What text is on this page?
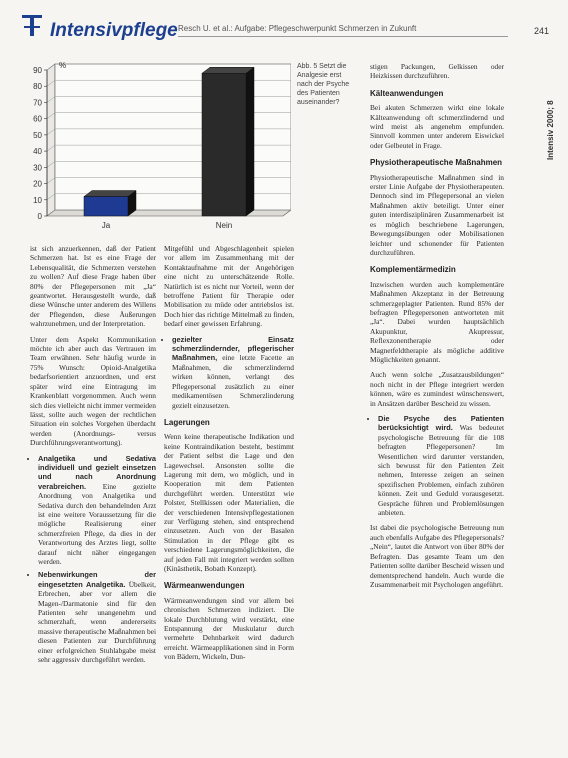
Intensivpflege Resch U. et al.: Aufgabe: Pflegeschwerpunkt Schmerzen in Zukunft	241
Intensiv 2000; 8
0
10
20
30
40
50
60
70
80
90
%
Ja	Nein
Abb. 5 Setzt die Analgesie erst nach der Psyche des Patienten auseinander?

ist sich anzuerkennen, daß der Patient Schmerzen hat. Ist es eine Frage der Lebensqualität, die Schmerzen verstehen zu wollen? Auf diese Frage haben über 80% der Pflegepersonen mit „Ja“ geantwortet. Herausgestellt wurde, daß diese Wünsche unter anderem des Willens der Pflegenden, diese Äußerungen wahrzunehmen, und der Interpretation.

Unter dem Aspekt Kommunikation möchte ich aber auch das Vertrauen im Team erwähnen. Sehr häufig wurde in 75% Wunsch: Opioid-Analgetika bedarfsorientiert anzuordnen, und erst später wird eine Eintragung im Krankenblatt vorgenommen. Auch wenn sich dies vielleicht nicht immer vermeiden lässt, sollte auch wegen der rechtlichen Situation ein solches Vorgehen überdacht werden (Anordnungs- versus Durchführungsverantwortung).

• Analgetika und Sedativa individuell und gezielt einsetzen und nach Anordnung verabreichen. Eine gezielte Anordnung von Analgetika und Sedativa durch den behandelnden Arzt ist eine weitere Voraussetzung für die mögliche Realisierung einer schmerzfreien Pflege, da dies in der Verantwortung des Arztes liegt, sollte darauf nicht näher eingegangen werden.
• Nebenwirkungen der eingesetzten Analgetika. Übelkeit, Erbrechen, aber vor allem die Magen-/Darmatonie sind für den Patienten sehr unangenehm und schmerzhaft, wenn andererseits massive therapeutische Maßnahmen bei diesen Patienten zur Durchführung einer erfolgreichen Stuhlabgabe meist sehr aggressiv durchgeführt werden.

Mitgefühl und Abgeschlagenheit spielen vor allem im Zusammenhang mit der Kontaktaufnahme mit der Angehörigen eine nicht zu unterschätzende Rolle. Natürlich ist es nicht nur Vorteil, wenn der betroffene Patient für Therapie oder Mobilisation zu müde oder antriebslos ist. Doch hier das richtige Mittelmaß zu finden, bedarf einer gewissen Erfahrung.

• gezielter Einsatz schmerzlindernder, pflegerischer Maßnahmen, eine letzte Facette an Maßnahmen, die schmerzlindernd wirken können, verlangt des Pflegepersonal zusätzlich zu einer medikamentösen Schmerzlinderung gezielt einzusetzen.
Lagerungen

Wenn keine therapeutische Indikation und keine Kontraindikation besteht, bestimmt der Patient selbst die Lage und den Lagewechsel. Ansonsten sollte die Lagerung mit dem, wo möglich, und in Kooperation mit dem Patienten durchgeführt werden. Unterstützt wie Polster, Stellkissen oder Materialien, die der verschiedenen Intensivpflegestationen zur Verfügung stehen, sind entsprechend einzusetzen. Auch von der Basalen Stimulation in der Pflege gibt es verschiedene Lagerungsmöglichkeiten, die auf jeden Fall mit integriert werden sollten (Kinästhetik, Bobath Konzept).

Wärmeanwendungen

Wärmeanwendungen sind vor allem bei chronischen Schmerzen indiziert. Die lokale Durchblutung wird verstärkt, eine Entspannung der Muskulatur durch vermehrte Dehnbarkeit wird dadurch erreicht. Wärmeapplikationen sind in Form von Bädern, Wickeln, Dun-

stigen Packungen, Gelkissen oder Heizkissen durchzuführen.

Kälteanwendungen

Bei akuten Schmerzen wirkt eine lokale Kälteanwendung oft schmerzlindernd und wird meist als angenehm empfunden. Sinnvoll kommen unter anderem Eiswickel oder Gelbeutel in Frage.

Physiotherapeutische Maßnahmen

Physiotherapeutische Maßnahmen sind in erster Linie Aufgabe der Physiotherapeuten. Dennoch sind im Pflegepersonal an vielen Maßnahmen aktiv beteiligt. Unter einer guten interdisziplinären Zusammenarbeit ist es möglich beschriebene Lagerungen, Bewegungsübungen oder Mobilisationen leichter und schonender für Patienten durchzuführen.

Komplementärmedizin

Inzwischen wurden auch komplementäre Maßnahmen Akzeptanz in der Betreuung schmerzgeplagter Patienten. Rund 85% der befragten Pflegepersonen antworteten mit „Ja“. Dabei wurden hauptsächlich Akupunktur, Akupressur, Reflexzonentherapie oder Magnetfeldtherapie als mögliche additive Möglichkeiten genannt.

Auch wenn solche „Zusatzausbildungen“ noch nicht in der Pflege integriert werden können, wäre es zumindest wünschenswert, in Ansätzen darüber Bescheid zu wissen.

• Die Psyche des Patienten berücksichtigt wird. Was bedeutet psychologische Betreuung für die 108 befragten Pflegepersonen? Im Wesentlichen wird darunter verstanden, sich bewusst für den Patienten Zeit nehmen, Interesse zeigen an seinen spezifischen Problemen, einfach zuhören können. Zeit und Geduld vorausgesetzt. Gespräche führen und Problemlösungen anbieten.

Ist dabei die psychologische Betreuung nun auch ebenfalls Aufgabe des Pflegepersonals? „Nein“, lautet die Antwort von über 80% der Befragten. Das gesamte Team um den Patienten sollte darüber Bescheid wissen und dementsprechend handeln. Auch wurde die Zusammenarbeit mit Psychologen angeführt.
